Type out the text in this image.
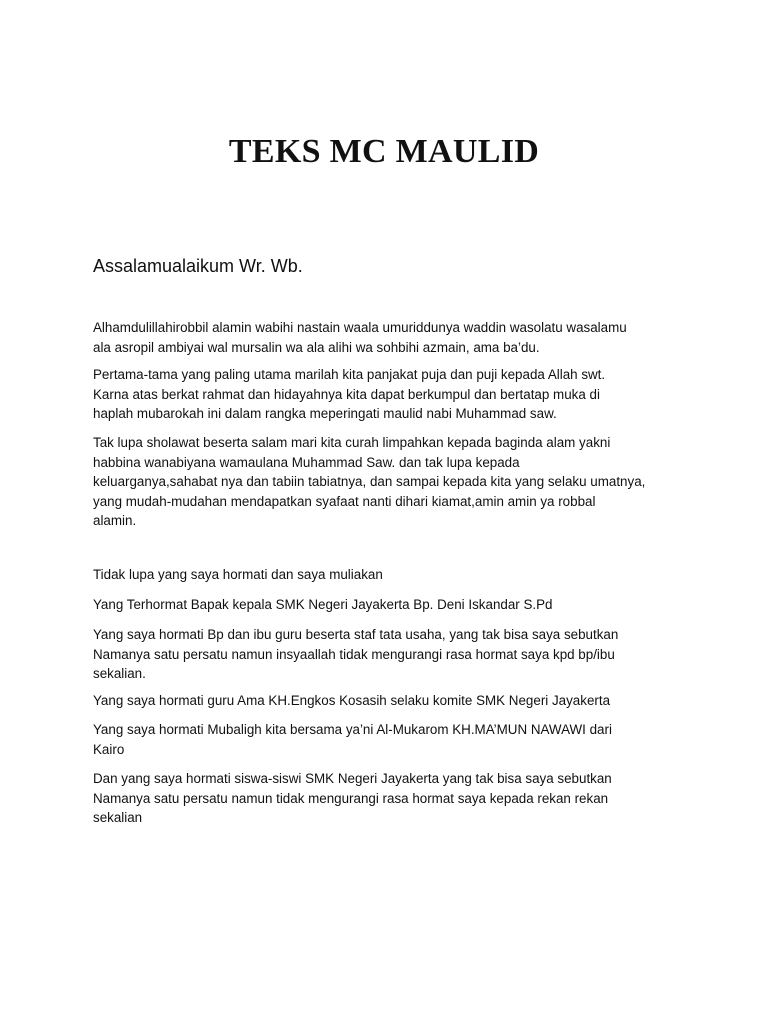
TEKS MC MAULID

Assalamualaikum Wr. Wb.

Alhamdulillahirobbil alamin wabihi nastain waala umuriddunya waddin wasolatu wasalamu
ala asropil ambiyai wal mursalin wa ala alihi wa sohbihi azmain, ama ba’du.

Pertama-tama yang paling utama marilah kita panjakat puja dan puji kepada Allah swt.
Karna atas berkat rahmat dan hidayahnya kita dapat berkumpul dan bertatap muka di
haplah mubarokah ini dalam rangka meperingati maulid nabi Muhammad saw.

Tak lupa sholawat beserta salam mari kita curah limpahkan kepada baginda alam yakni
habbina wanabiyana wamaulana Muhammad Saw. dan tak lupa kepada
keluarganya,sahabat nya dan tabiin tabiatnya, dan sampai kepada kita yang selaku umatnya,
yang mudah-mudahan mendapatkan syafaat nanti dihari kiamat,amin amin ya robbal
alamin.

Tidak lupa yang saya hormati dan saya muliakan

Yang Terhormat Bapak kepala SMK Negeri Jayakerta Bp. Deni Iskandar S.Pd

Yang saya hormati Bp dan ibu guru beserta staf tata usaha, yang tak bisa saya sebutkan
Namanya satu persatu namun insyaallah tidak mengurangi rasa hormat saya kpd bp/ibu
sekalian.

Yang saya hormati guru Ama KH.Engkos Kosasih selaku komite SMK Negeri Jayakerta

Yang saya hormati Mubaligh kita bersama ya’ni Al-Mukarom KH.MA’MUN NAWAWI dari
Kairo

Dan yang saya hormati siswa-siswi SMK Negeri Jayakerta yang tak bisa saya sebutkan
Namanya satu persatu namun tidak mengurangi rasa hormat saya kepada rekan rekan
sekalian
